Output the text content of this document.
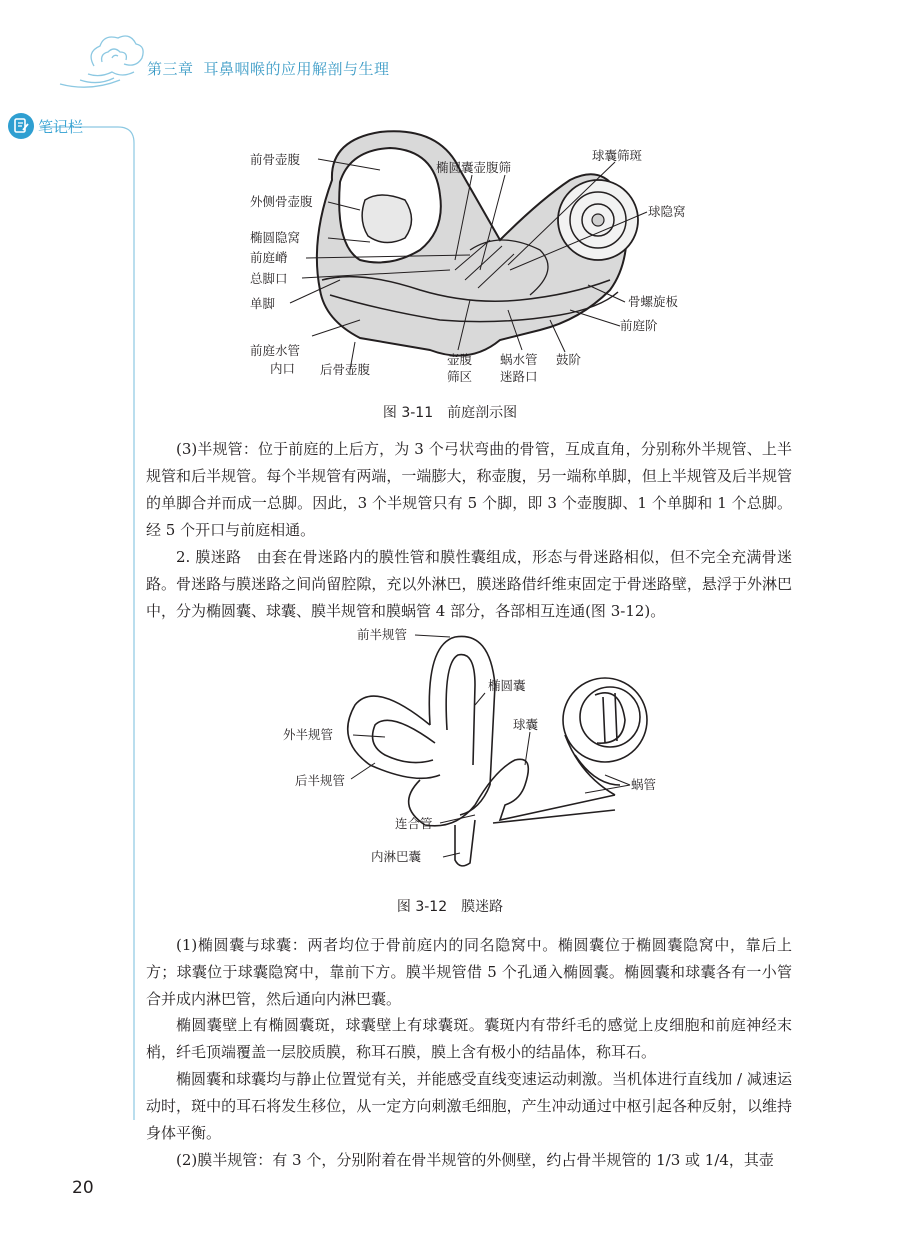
第三章 耳鼻咽喉的应用解剖与生理
笔记栏
前骨壶腹
外侧骨壶腹
椭圆隐窝
前庭嵴
总脚口
单脚
前庭水管
内口 后骨壶腹
椭圆囊壶腹筛
球囊筛斑
球隐窝
骨螺旋板
前庭阶
壶腹
筛区
蜗水管
迷路口
鼓阶
图 3-11　前庭剖示图

(3)半规管：位于前庭的上后方，为 3 个弓状弯曲的骨管，互成直角，分别称外半规管、上半规管和后半规管。每个半规管有两端，一端膨大，称壶腹，另一端称单脚，但上半规管及后半规管的单脚合并而成一总脚。因此，3 个半规管只有 5 个脚，即 3 个壶腹脚、1 个单脚和 1 个总脚。经 5 个开口与前庭相通。

2. 膜迷路　由套在骨迷路内的膜性管和膜性囊组成，形态与骨迷路相似，但不完全充满骨迷路。骨迷路与膜迷路之间尚留腔隙，充以外淋巴，膜迷路借纤维束固定于骨迷路壁，悬浮于外淋巴中，分为椭圆囊、球囊、膜半规管和膜蜗管 4 部分，各部相互连通(图 3-12)。

前半规管
椭圆囊
球囊
外半规管
后半规管	蜗管
连合管
内淋巴囊
图 3-12　膜迷路

(1)椭圆囊与球囊：两者均位于骨前庭内的同名隐窝中。椭圆囊位于椭圆囊隐窝中，靠后上方；球囊位于球囊隐窝中，靠前下方。膜半规管借 5 个孔通入椭圆囊。椭圆囊和球囊各有一小管合并成内淋巴管，然后通向内淋巴囊。

椭圆囊壁上有椭圆囊斑，球囊壁上有球囊斑。囊斑内有带纤毛的感觉上皮细胞和前庭神经末梢，纤毛顶端覆盖一层胶质膜，称耳石膜，膜上含有极小的结晶体，称耳石。

椭圆囊和球囊均与静止位置觉有关，并能感受直线变速运动刺激。当机体进行直线加 / 减速运动时，斑中的耳石将发生移位，从一定方向刺激毛细胞，产生冲动通过中枢引起各种反射，以维持身体平衡。

(2)膜半规管：有 3 个，分别附着在骨半规管的外侧壁，约占骨半规管的 1/3 或 1/4，其壶

20
